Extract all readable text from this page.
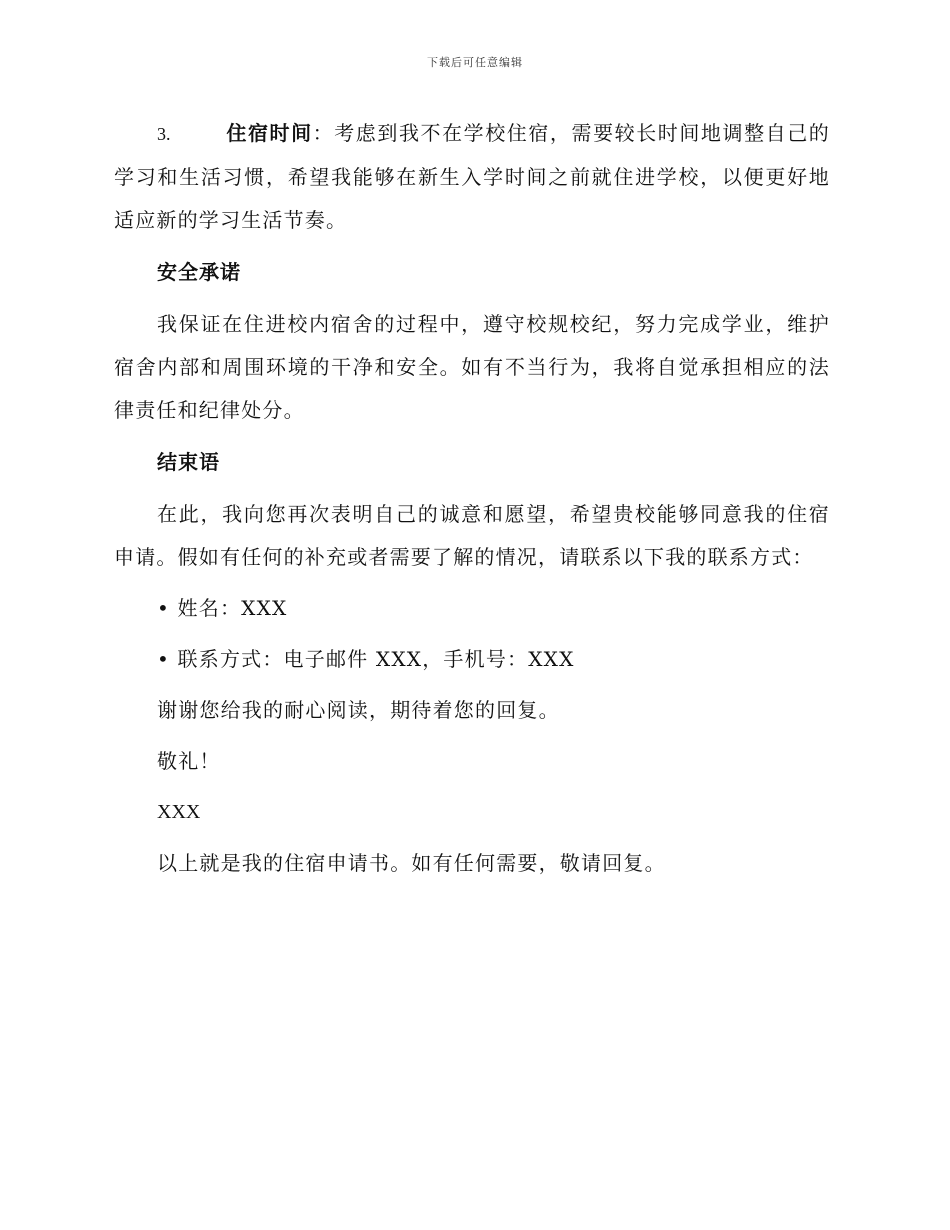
下载后可任意编辑

3.	住宿时间：考虑到我不在学校住宿，需要较长时间地调整自己的学习和生活习惯，希望我能够在新生入学时间之前就住进学校，以便更好地适应新的学习生活节奏。

安全承诺

我保证在住进校内宿舍的过程中，遵守校规校纪，努力完成学业，维护宿舍内部和周围环境的干净和安全。如有不当行为，我将自觉承担相应的法律责任和纪律处分。

结束语

在此，我向您再次表明自己的诚意和愿望，希望贵校能够同意我的住宿申请。假如有任何的补充或者需要了解的情况，请联系以下我的联系方式：

• 姓名：XXX

• 联系方式：电子邮件 XXX，手机号：XXX

谢谢您给我的耐心阅读，期待着您的回复。

敬礼！

XXX

以上就是我的住宿申请书。如有任何需要，敬请回复。
